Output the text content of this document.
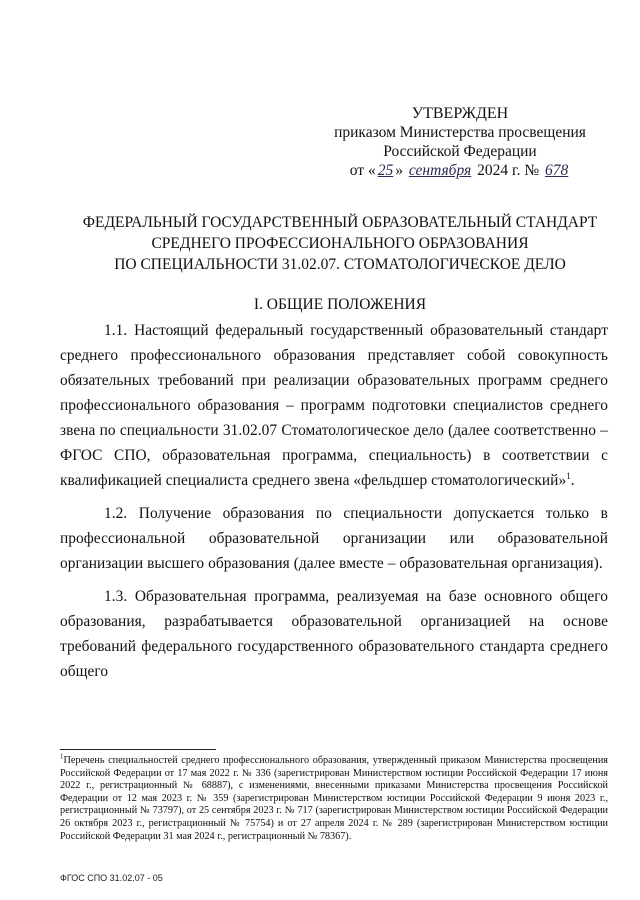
УТВЕРЖДЕН
приказом Министерства просвещения
Российской Федерации
от « 25 » сентября 2024 г. № 678
ФЕДЕРАЛЬНЫЙ ГОСУДАРСТВЕННЫЙ ОБРАЗОВАТЕЛЬНЫЙ СТАНДАРТ
СРЕДНЕГО ПРОФЕССИОНАЛЬНОГО ОБРАЗОВАНИЯ
ПО СПЕЦИАЛЬНОСТИ 31.02.07. СТОМАТОЛОГИЧЕСКОЕ ДЕЛО
I. ОБЩИЕ ПОЛОЖЕНИЯ

1.1. Настоящий федеральный государственный образовательный стандарт среднего профессионального образования представляет собой совокупность обязательных требований при реализации образовательных программ среднего профессионального образования – программ подготовки специалистов среднего звена по специальности 31.02.07 Стоматологическое дело (далее соответственно – ФГОС СПО, образовательная программа, специальность) в соответствии с квалификацией специалиста среднего звена «фельдшер стоматологический»$^1$.

1.2. Получение образования по специальности допускается только в профессиональной образовательной организации или образовательной организации высшего образования (далее вместе – образовательная организация).

1.3. Образовательная программа, реализуемая на базе основного общего образования, разрабатывается образовательной организацией на основе требований федерального государственного образовательного стандарта среднего общего

$^1$Перечень специальностей среднего профессионального образования, утвержденный приказом Министерства просвещения Российской Федерации от 17 мая 2022 г. № 336 (зарегистрирован Министерством юстиции Российской Федерации 17 июня 2022 г., регистрационный № 68887), с изменениями, внесенными приказами Министерства просвещения Российской Федерации от 12 мая 2023 г. № 359 (зарегистрирован Министерством юстиции Российской Федерации 9 июня 2023 г., регистрационный № 73797), от 25 сентября 2023 г. № 717 (зарегистрирован Министерством юстиции Российской Федерации 26 октября 2023 г., регистрационный № 75754) и от 27 апреля 2024 г. № 289 (зарегистрирован Министерством юстиции Российской Федерации 31 мая 2024 г., регистрационный № 78367).
ФГОС СПО 31.02.07 - 05
